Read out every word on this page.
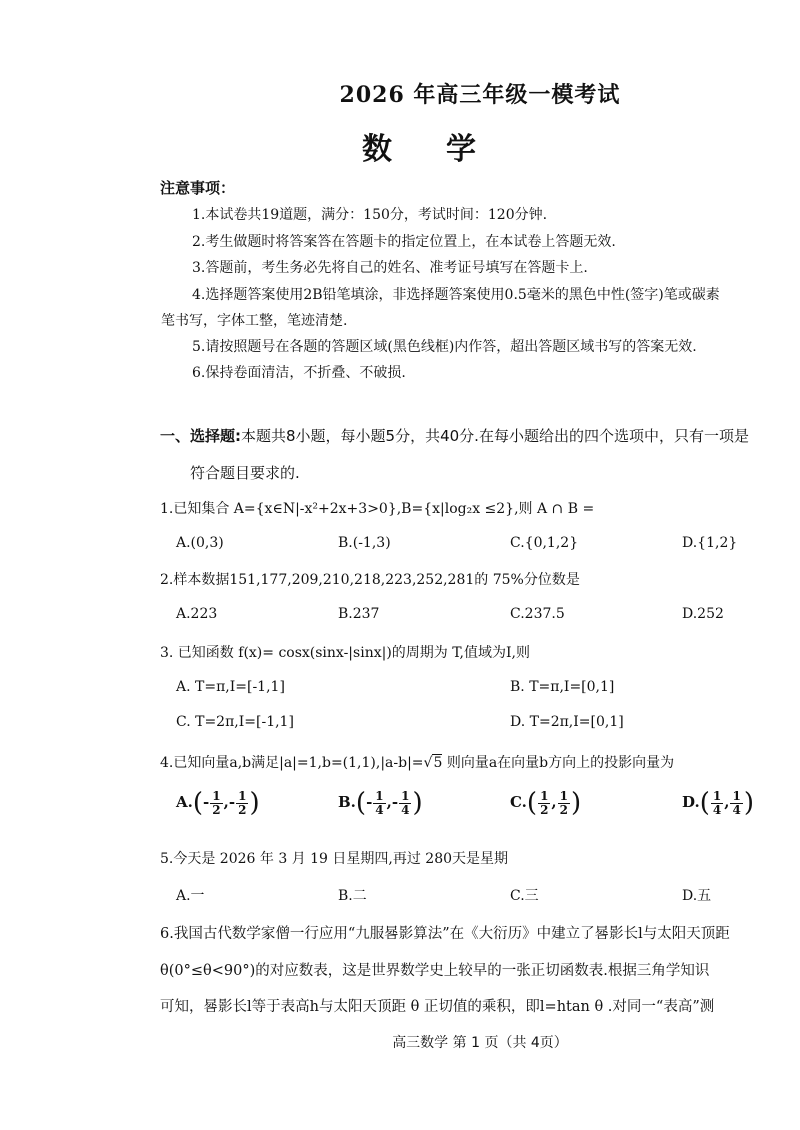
2026 年高三年级一模考试
数学
注意事项：
1.本试卷共19道题，满分：150分，考试时间：120分钟.
2.考生做题时将答案答在答题卡的指定位置上，在本试卷上答题无效.
3.答题前，考生务必先将自己的姓名、准考证号填写在答题卡上.
4.选择题答案使用2B铅笔填涂，非选择题答案使用0.5毫米的黑色中性(签字)笔或碳素
笔书写，字体工整，笔迹清楚.
5.请按照题号在各题的答题区域(黑色线框)内作答，超出答题区域书写的答案无效.
6.保持卷面清洁，不折叠、不破损.
一、选择题:本题共8小题，每小题5分，共40分.在每小题给出的四个选项中，只有一项是
符合题目要求的.
1.已知集合 A={x∈N|-x²+2x+3>0},B={x|log₂x ≤2},则 A ∩ B =
A.(0,3)	B.(-1,3)	C.{0,1,2}	D.{1,2}
2.样本数据151,177,209,210,218,223,252,281的 75%分位数是
A.223	B.237	C.237.5	D.252
3. 已知函数 f(x)= cosx(sinx-|sinx|)的周期为 T,值域为I,则
A. T=π,I=[-1,1]	B. T=π,I=[0,1]
C. T=2π,I=[-1,1]	D. T=2π,I=[0,1]
4.已知向量a,b满足|a|=1,b=(1,1),|a-b|=√5 则向量a在向量b方向上的投影向量为
$A.(- \frac{1}{2}$ ,- $\frac{1}{2}$ )	$B.(- \frac{1}{4}$ ,- $\frac{1}{4}$ )	$C.( \frac{1}{2}$ , $\frac{1}{2}$ )	$D.( \frac{1}{4}$ , $\frac{1}{4}$ )
5.今天是 2026 年 3 月 19 日星期四,再过 280天是星期
A.一	B.二	C.三	D.五
6.我国古代数学家僧一行应用“九服晷影算法”在《大衍历》中建立了晷影长l与太阳天顶距
θ(0°≤θ<90°)的对应数表，这是世界数学史上较早的一张正切函数表.根据三角学知识
可知，晷影长l等于表高h与太阳天顶距 θ 正切值的乘积，即l=htan θ .对同一“表高”测
高三数学 第 1 页（共 4页）
